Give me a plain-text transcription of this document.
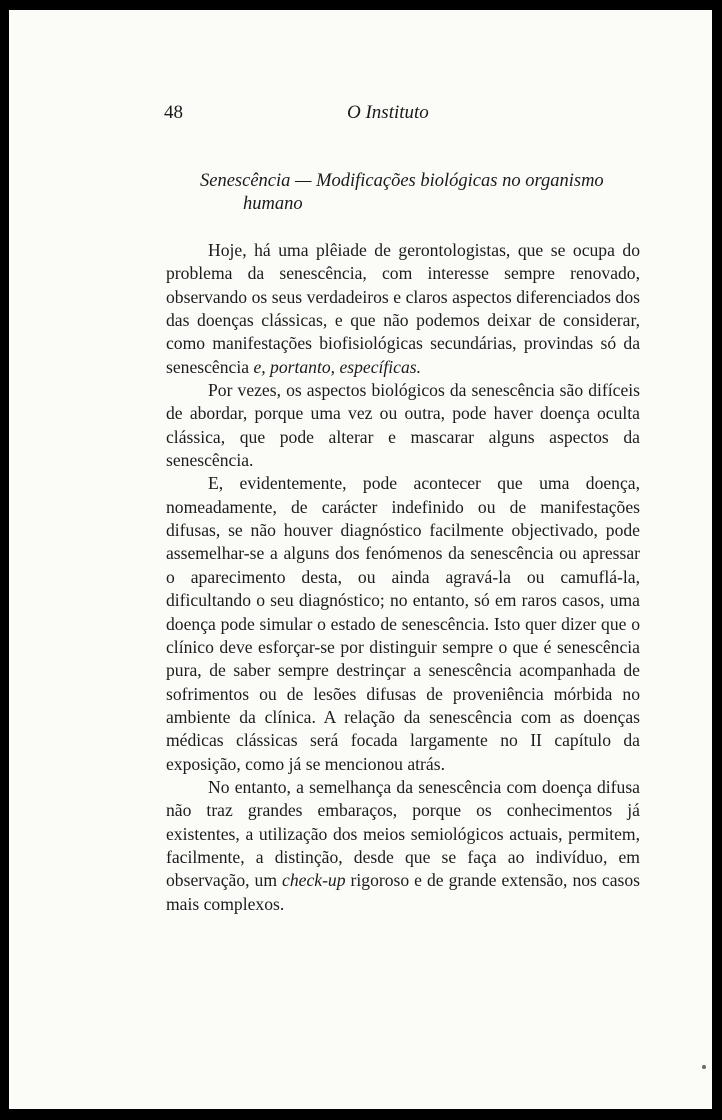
48	O Instituto
Senescência — Modificações biológicas no organismo
humano

Hoje, há uma plêiade de gerontologistas, que se ocupa do problema da senescência, com interesse sempre renovado, observando os seus verdadeiros e claros aspectos diferenciados dos das doenças clássicas, e que não podemos deixar de considerar, como manifestações biofisiológicas secundárias, provindas só da senescência e, portanto, específicas.

Por vezes, os aspectos biológicos da senescência são difíceis de abordar, porque uma vez ou outra, pode haver doença oculta clássica, que pode alterar e mascarar alguns aspectos da senescência.

E, evidentemente, pode acontecer que uma doença, nomeadamente, de carácter indefinido ou de manifestações difusas, se não houver diagnóstico facilmente objectivado, pode assemelhar-se a alguns dos fenómenos da senescência ou apressar o aparecimento desta, ou ainda agravá-la ou camuflá-la, dificultando o seu diagnóstico; no entanto, só em raros casos, uma doença pode simular o estado de senescência. Isto quer dizer que o clínico deve esforçar-se por distinguir sempre o que é senescência pura, de saber sempre destrinçar a senescência acompanhada de sofrimentos ou de lesões difusas de proveniência mórbida no ambiente da clínica. A relação da senescência com as doenças médicas clássicas será focada largamente no II capítulo da exposição, como já se mencionou atrás.

No entanto, a semelhança da senescência com doença difusa não traz grandes embaraços, porque os conhecimentos já existentes, a utilização dos meios semiológicos actuais, permitem, facilmente, a distinção, desde que se faça ao indivíduo, em observação, um check-up rigoroso e de grande extensão, nos casos mais complexos.
